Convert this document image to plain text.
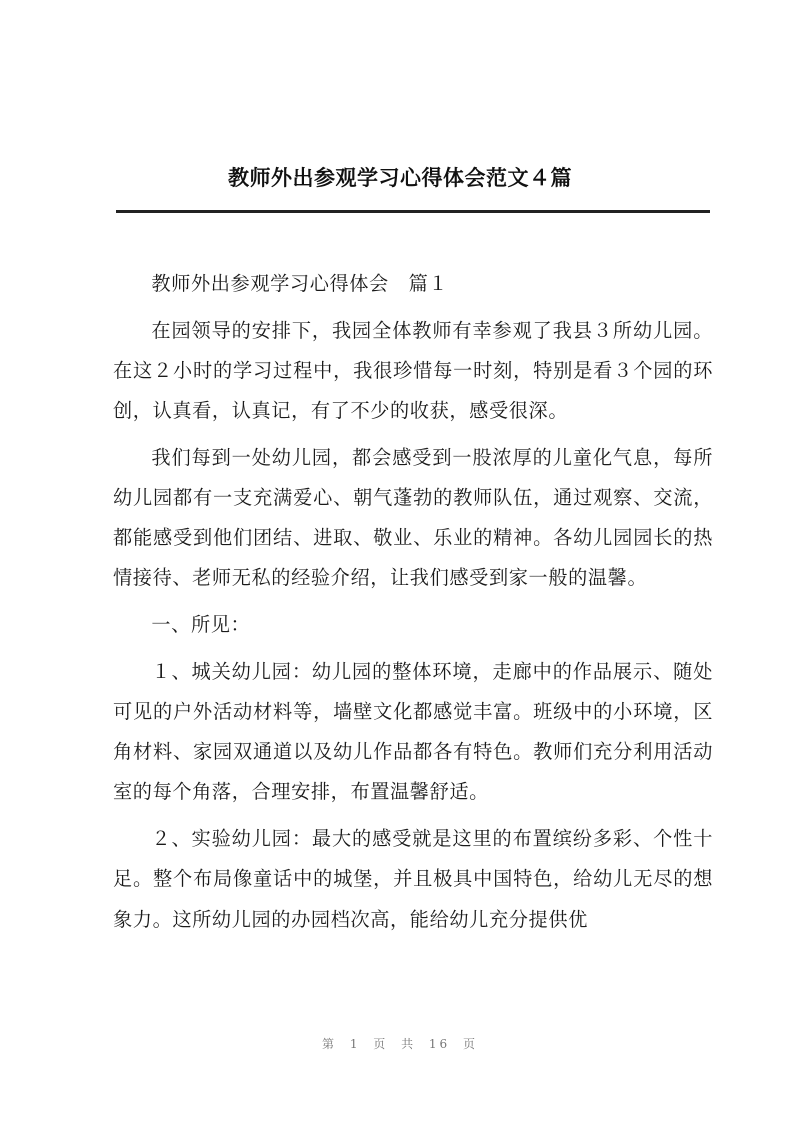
教师外出参观学习心得体会范文４篇

教师外出参观学习心得体会　篇１

在园领导的安排下，我园全体教师有幸参观了我县３所幼儿园。在这２小时的学习过程中，我很珍惜每一时刻，特别是看３个园的环创，认真看，认真记，有了不少的收获，感受很深。

我们每到一处幼儿园，都会感受到一股浓厚的儿童化气息，每所幼儿园都有一支充满爱心、朝气蓬勃的教师队伍，通过观察、交流，都能感受到他们团结、进取、敬业、乐业的精神。各幼儿园园长的热情接待、老师无私的经验介绍，让我们感受到家一般的温馨。

一、所见：

１、城关幼儿园：幼儿园的整体环境，走廊中的作品展示、随处可见的户外活动材料等，墙壁文化都感觉丰富。班级中的小环境，区角材料、家园双通道以及幼儿作品都各有特色。教师们充分利用活动室的每个角落，合理安排，布置温馨舒适。

２、实验幼儿园：最大的感受就是这里的布置缤纷多彩、个性十足。整个布局像童话中的城堡，并且极具中国特色，给幼儿无尽的想象力。这所幼儿园的办园档次高，能给幼儿充分提供优

第 1 页 共 16 页
